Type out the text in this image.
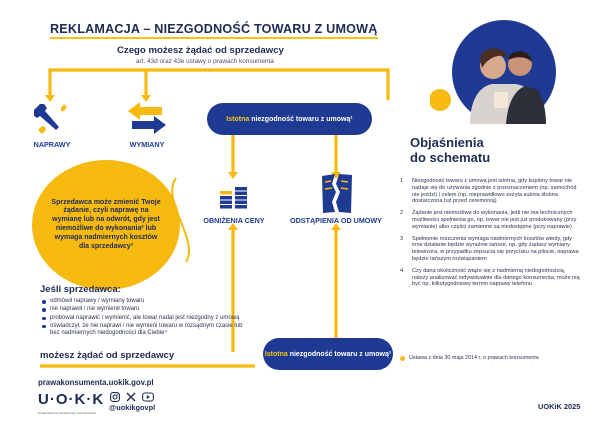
REKLAMACJA – NIEZGODNOŚĆ TOWARU Z UMOWĄ
Czego możesz żądać od sprzedawcy
art. 43d oraz 43e ustawy o prawach konsumenta
NAPRAWY	WYMIANY
Istotna niezgodność towaru z umową¹
OBNIŻENIA CENY	ODSTĄPIENIA OD UMOWY
Sprzedawca może zmienić Twoje żądanie, czyli naprawę na wymianę lub na odwrót, gdy jest niemożliwe do wykonania² lub wymaga nadmiernych kosztów dla sprzedawcy³
Jeśli sprzedawca:
odmówił naprawy / wymiany towaru
nie naprawił / nie wymienił towaru
probował naprawić / wymienić, ale towar nadal jest niezgodny z umową
oświadczył, że nie naprawi / nie wymieni towaru w rozsądnym czasie lub bez nadmiernych niedogodności dla Ciebie⁴
możesz żądać od sprzedawcy	Istotna niezgodność towaru z umową¹
prawakonsumenta.uokik.gov.pl
U·O·K·K
Urząd Ochrony Konkurencji i Konsumentów
@uokikgovpl
Objaśnienia
do schematu
1	Niezgodność towaru z umową jest istotna, gdy kupiony towar nie nadaje się do używania zgodnie z przeznaczeniem (np. samochód nie jeździ) i celem (np. nieprawidłowo zszyta suknia ślubna dostarczona tuż przed ceremonią)
2	Żądanie jest niemożliwe do wykonania, jeśli nie ma technicznych możliwości spełnienia go, np. towar nie jest już produkowany (przy wymianie) albo części zamienne są niedostępne (przy naprawie)
3	Spełnienie roszczenia wymaga nadmiernych kosztów wtedy, gdy inne działanie będzie wyraźnie tańsze, np. gdy żądasz wymiany telewizora, w przypadku zepsucia się przycisku na pilocie, naprawa będzie tańszym rozwiązaniem
4	Czy dana okoliczność wiąże się z nadmierną niedogodnością, należy analizować indywidualnie dla danego konsumenta; może nią być np. kilkutygodniowy termin naprawy telefonu
Ustawa z dnia 30 maja 2014 r. o prawach konsumenta
UOKiK 2025
